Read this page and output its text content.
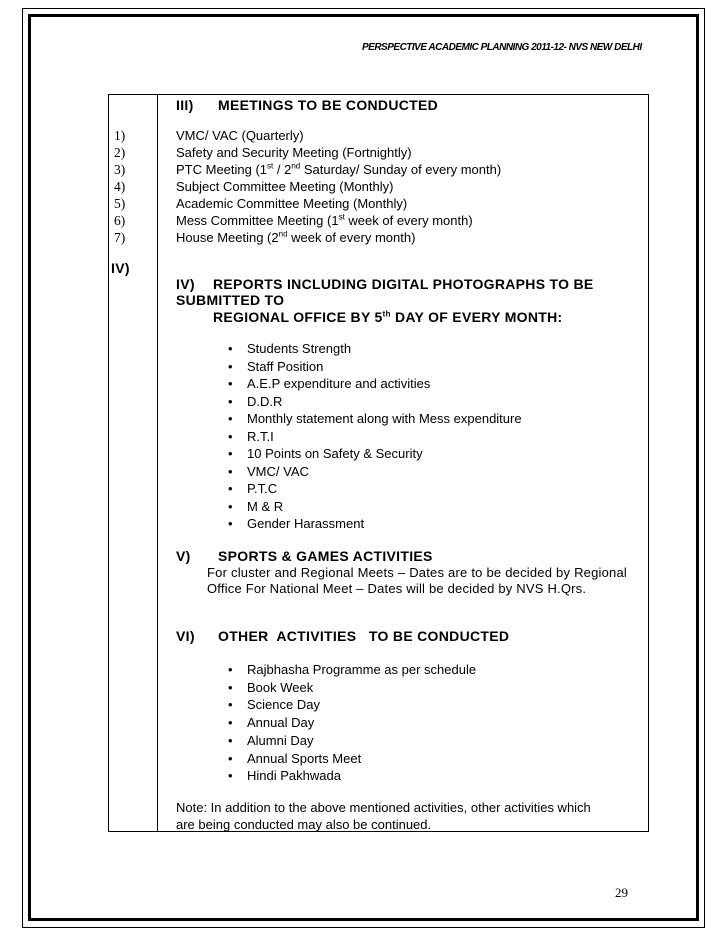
PERSPECTIVE ACADEMIC PLANNING 2011-12- NVS NEW DELHI
III) MEETINGS TO BE CONDUCTED
1)	VMC/ VAC (Quarterly)
2)	Safety and Security Meeting (Fortnightly)
3)	PTC Meeting (1st / 2nd Saturday/ Sunday of every month)
4)	Subject Committee Meeting (Monthly)
5)	Academic Committee Meeting (Monthly)
6)	Mess Committee Meeting (1st week of every month)
7)	House Meeting (2nd week of every month)
IV)
IV) REPORTS INCLUDING DIGITAL PHOTOGRAPHS TO BE
SUBMITTED TO
REGIONAL OFFICE BY 5th DAY OF EVERY MONTH:
• Students Strength
• Staff Position
• A.E.P expenditure and activities
• D.D.R
• Monthly statement along with Mess expenditure
• R.T.I
• 10 Points on Safety & Security
• VMC/ VAC
• P.T.C
• M & R
• Gender Harassment
V) SPORTS & GAMES ACTIVITIES
For cluster and Regional Meets – Dates are to be decided by Regional Office For National Meet – Dates will be decided by NVS H.Qrs.
VI) OTHER  ACTIVITIES   TO BE CONDUCTED
• Rajbhasha Programme as per schedule
• Book Week
• Science Day
• Annual Day
• Alumni Day
• Annual Sports Meet
• Hindi Pakhwada
Note: In addition to the above mentioned activities, other activities which
are being conducted may also be continued.
29
